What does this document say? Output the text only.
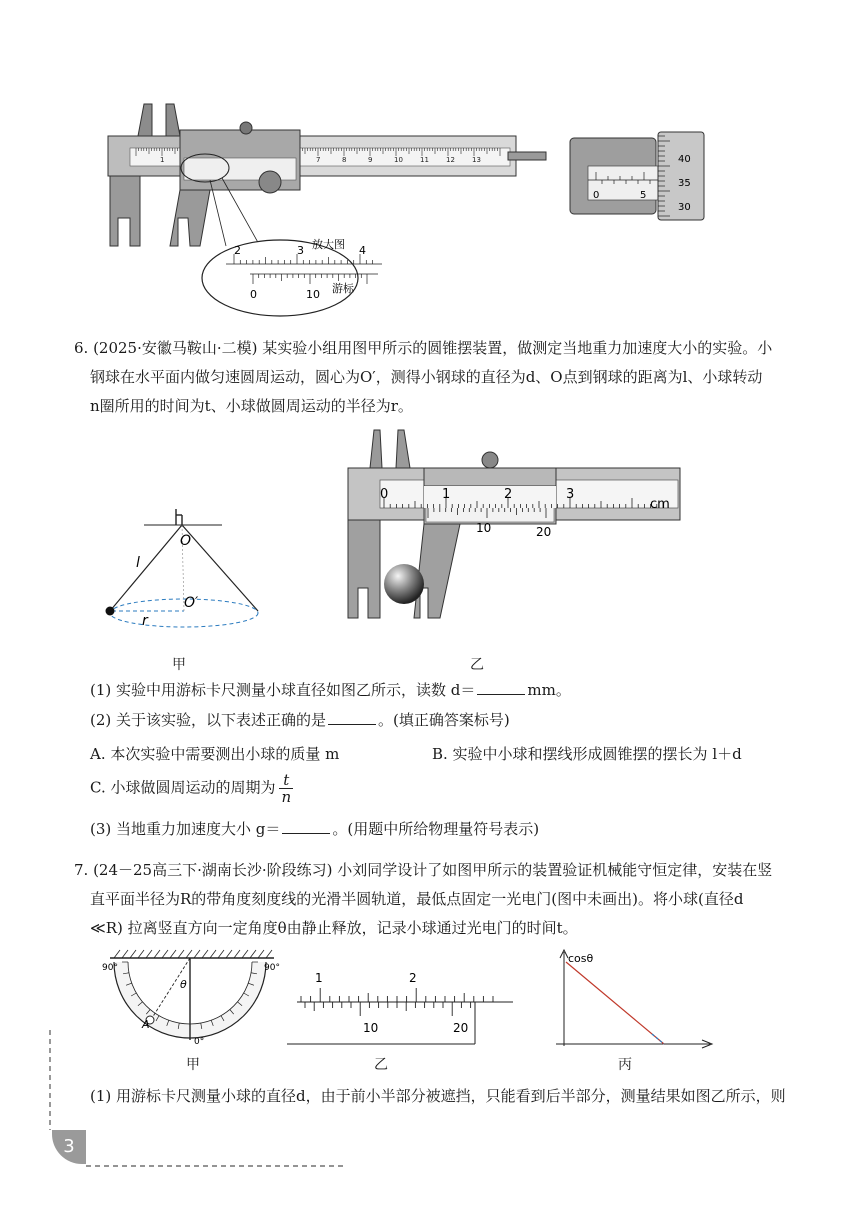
1	7	8	9	10 11 12 13
2	3	4
放大图
0	10 游标
0	5
40
35
30
6. (2025·安徽马鞍山·二模) 某实验小组用图甲所示的圆锥摆装置，做测定当地重力加速度大小的实验。小
钢球在水平面内做匀速圆周运动，圆心为O′，测得小钢球的直径为d、O点到钢球的距离为l、小球转动
n圈所用的时间为t、小球做圆周运动的半径为r。
O
l
O′
r
甲
0	1	2	3
cm
10	20
乙
(1) 实验中用游标卡尺测量小球直径如图乙所示，读数 d＝	mm。
(2) 关于该实验，以下表述正确的是	。(填正确答案标号)
A. 本次实验中需要测出小球的质量 m	B. 实验中小球和摆线形成圆锥摆的摆长为 l＋d
C. 小球做圆周运动的周期为 $\frac{t}{n}$
(3) 当地重力加速度大小 g＝	。(用题中所给物理量符号表示)
7. (24－25高三下·湖南长沙·阶段练习) 小刘同学设计了如图甲所示的装置验证机械能守恒定律，安装在竖
直平面半径为R的带角度刻度线的光滑半圆轨道，最低点固定一光电门(图中未画出)。将小球(直径d
≪R) 拉离竖直方向一定角度θ由静止释放，记录小球通过光电门的时间t。
90°	90°
0°
θ
A
甲
1	2
10	20
乙
cosθ
丙
(1) 用游标卡尺测量小球的直径d，由于前小半部分被遮挡，只能看到后半部分，测量结果如图乙所示，则
3
